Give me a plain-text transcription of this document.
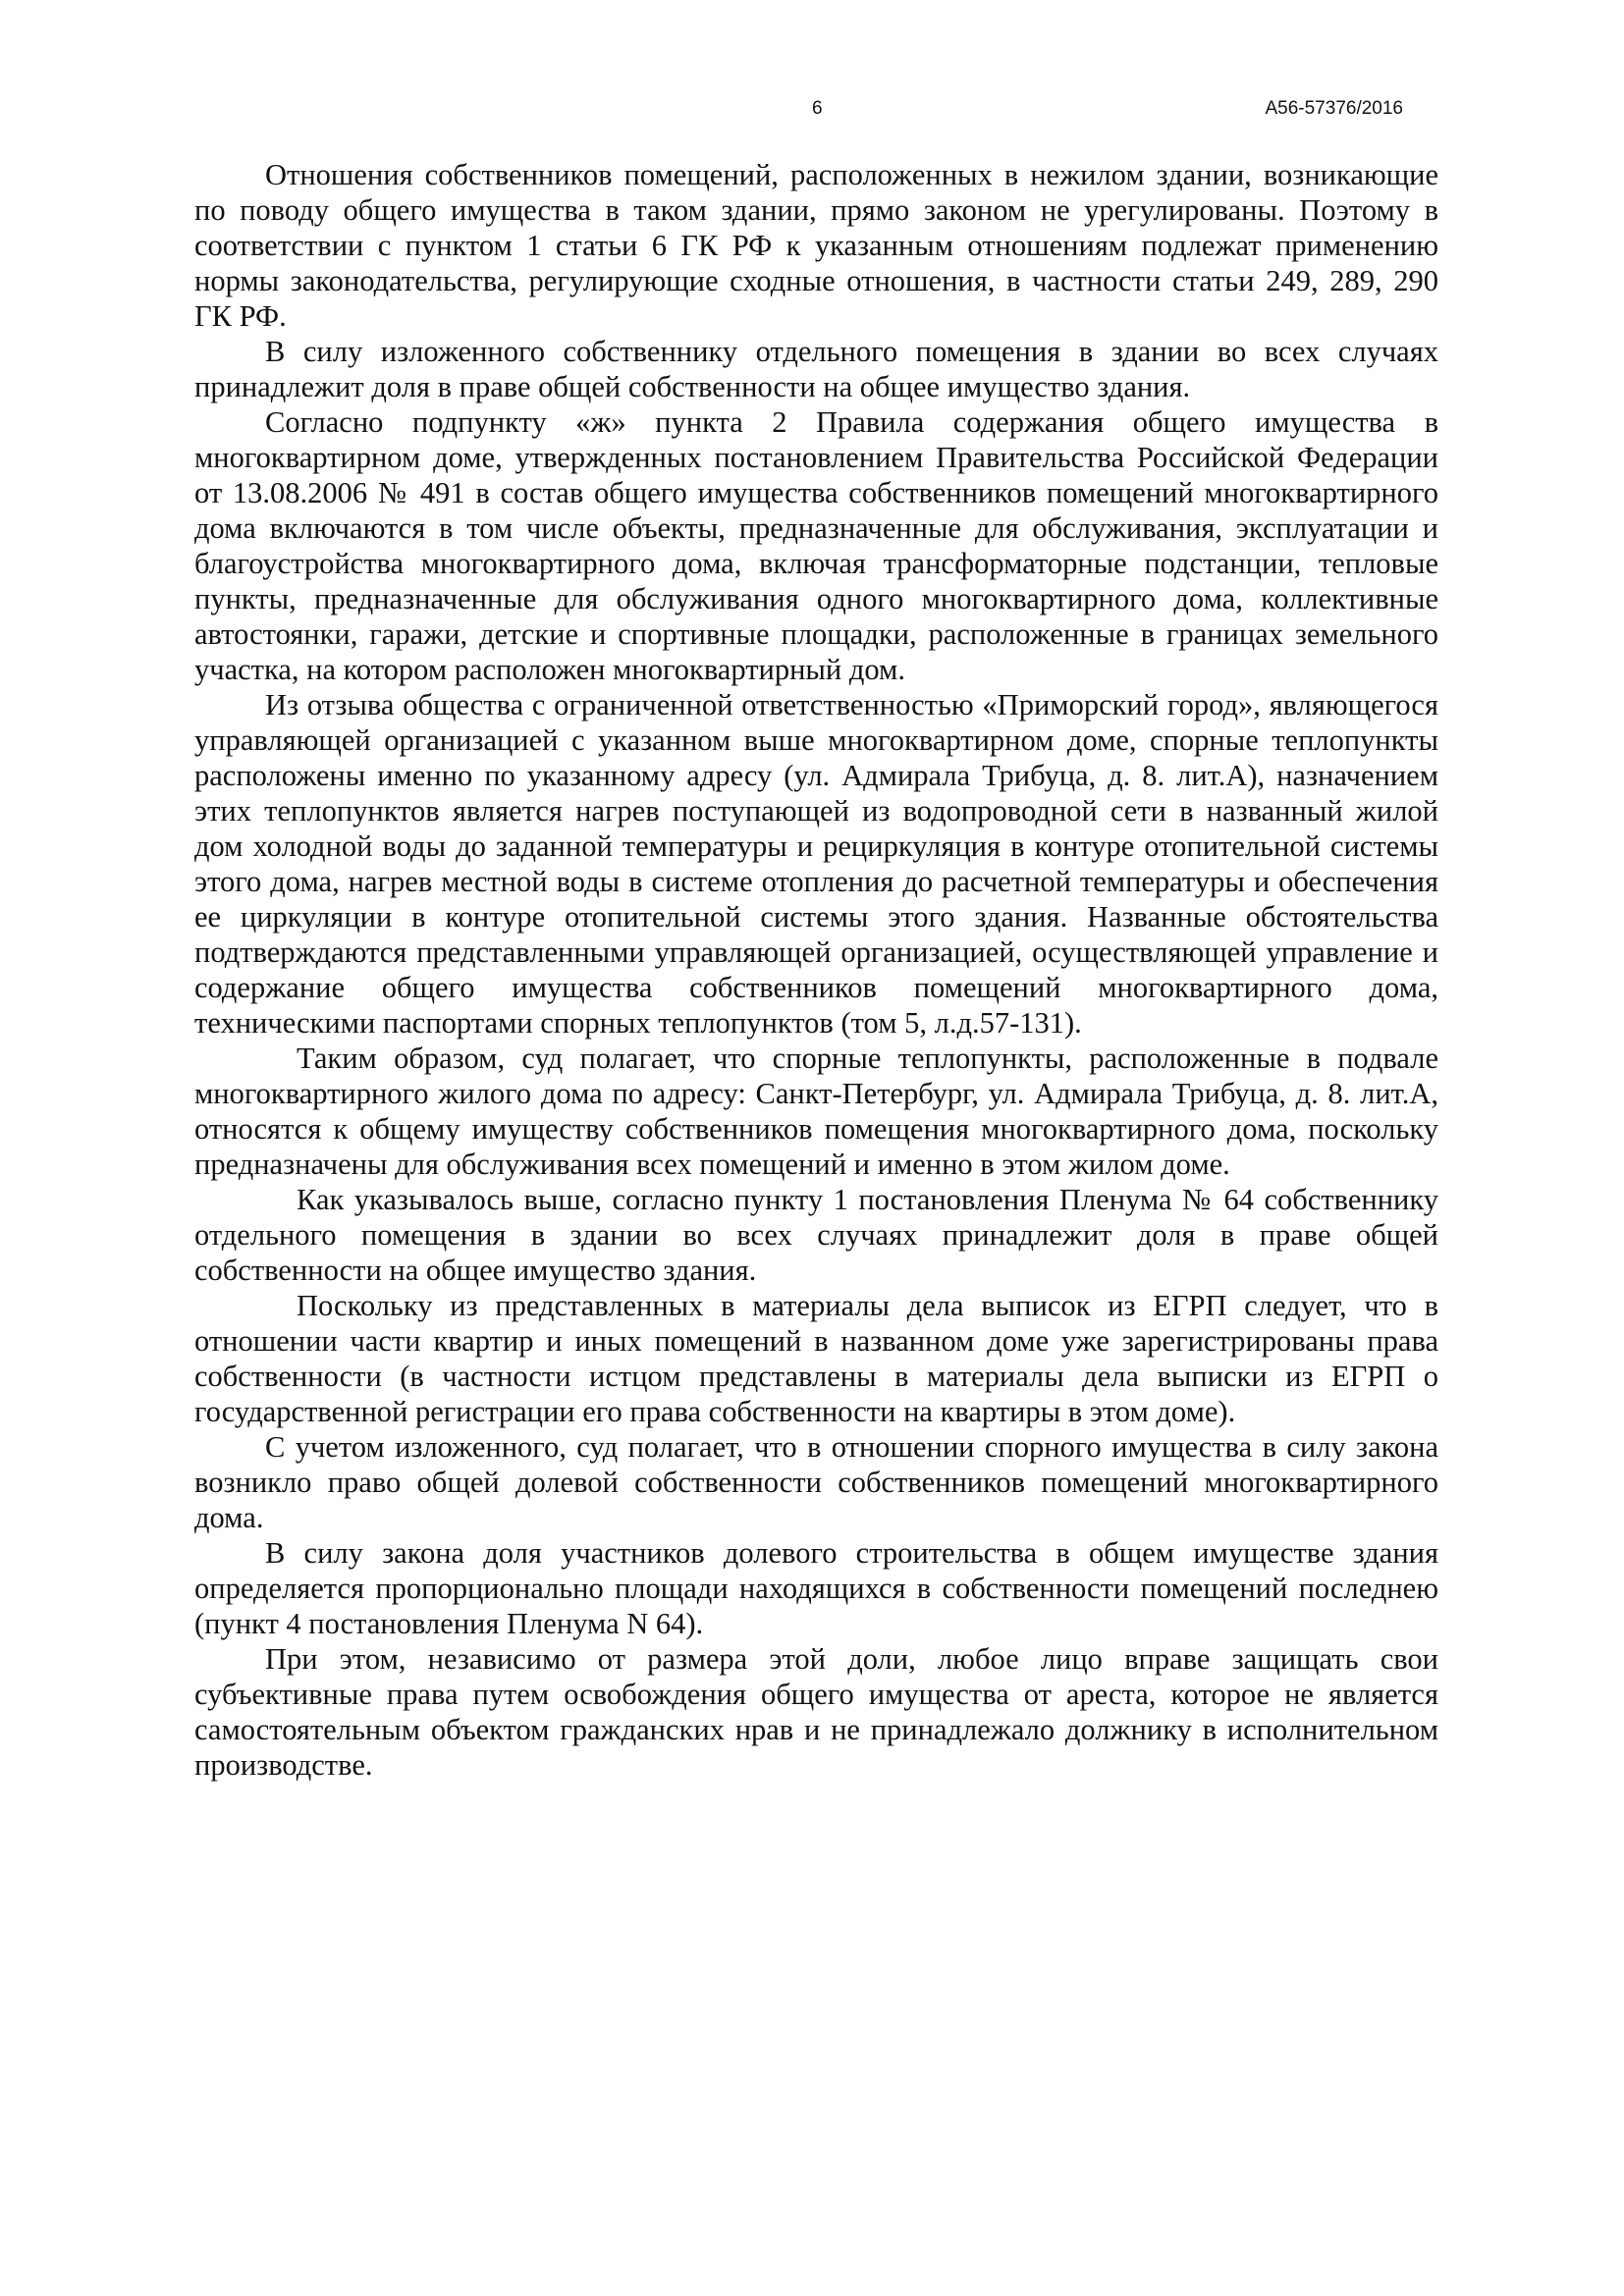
6	А56-57376/2016

Отношения собственников помещений, расположенных в нежилом здании, возникающие по поводу общего имущества в таком здании, прямо законом не урегулированы. Поэтому в соответствии с пунктом 1 статьи 6 ГК РФ к указанным отношениям подлежат применению нормы законодательства, регулирующие сходные отношения, в частности статьи 249, 289, 290 ГК РФ.

В силу изложенного собственнику отдельного помещения в здании во всех случаях принадлежит доля в праве общей собственности на общее имущество здания.

Согласно подпункту «ж» пункта 2 Правила содержания общего имущества в многоквартирном доме, утвержденных постановлением Правительства Российской Федерации от 13.08.2006 № 491 в состав общего имущества собственников помещений многоквартирного дома включаются в том числе объекты, предназначенные для обслуживания, эксплуатации и благоустройства многоквартирного дома, включая трансформаторные подстанции, тепловые пункты, предназначенные для обслуживания одного многоквартирного дома, коллективные автостоянки, гаражи, детские и спортивные площадки, расположенные в границах земельного участка, на котором расположен многоквартирный дом.

Из отзыва общества с ограниченной ответственностью «Приморский город», являющегося управляющей организацией с указанном выше многоквартирном доме, спорные теплопункты расположены именно по указанному адресу (ул. Адмирала Трибуца, д. 8. лит.А), назначением этих теплопунктов является нагрев поступающей из водопроводной сети в названный жилой дом холодной воды до заданной температуры и рециркуляция в контуре отопительной системы этого дома, нагрев местной воды в системе отопления до расчетной температуры и обеспечения ее циркуляции в контуре отопительной системы этого здания. Названные обстоятельства подтверждаются представленными управляющей организацией, осуществляющей управление и содержание общего имущества собственников помещений многоквартирного дома, техническими паспортами спорных теплопунктов (том 5, л.д.57-131).

Таким образом, суд полагает, что спорные теплопункты, расположенные в подвале многоквартирного жилого дома по адресу: Санкт-Петербург, ул. Адмирала Трибуца, д. 8. лит.А, относятся к общему имуществу собственников помещения многоквартирного дома, поскольку предназначены для обслуживания всех помещений и именно в этом жилом доме.

Как указывалось выше, согласно пункту 1 постановления Пленума № 64 собственнику отдельного помещения в здании во всех случаях принадлежит доля в праве общей собственности на общее имущество здания.

Поскольку из представленных в материалы дела выписок из ЕГРП следует, что в отношении части квартир и иных помещений в названном доме уже зарегистрированы права собственности (в частности истцом представлены в материалы дела выписки из ЕГРП о государственной регистрации его права собственности на квартиры в этом доме).

С учетом изложенного, суд полагает, что в отношении спорного имущества в силу закона возникло право общей долевой собственности собственников помещений многоквартирного дома.

В силу закона доля участников долевого строительства в общем имуществе здания определяется пропорционально площади находящихся в собственности помещений последнею (пункт 4 постановления Пленума N 64).

При этом, независимо от размера этой доли, любое лицо вправе защищать свои субъективные права путем освобождения общего имущества от ареста, которое не является самостоятельным объектом гражданских нрав и не принадлежало должнику в исполнительном производстве.
